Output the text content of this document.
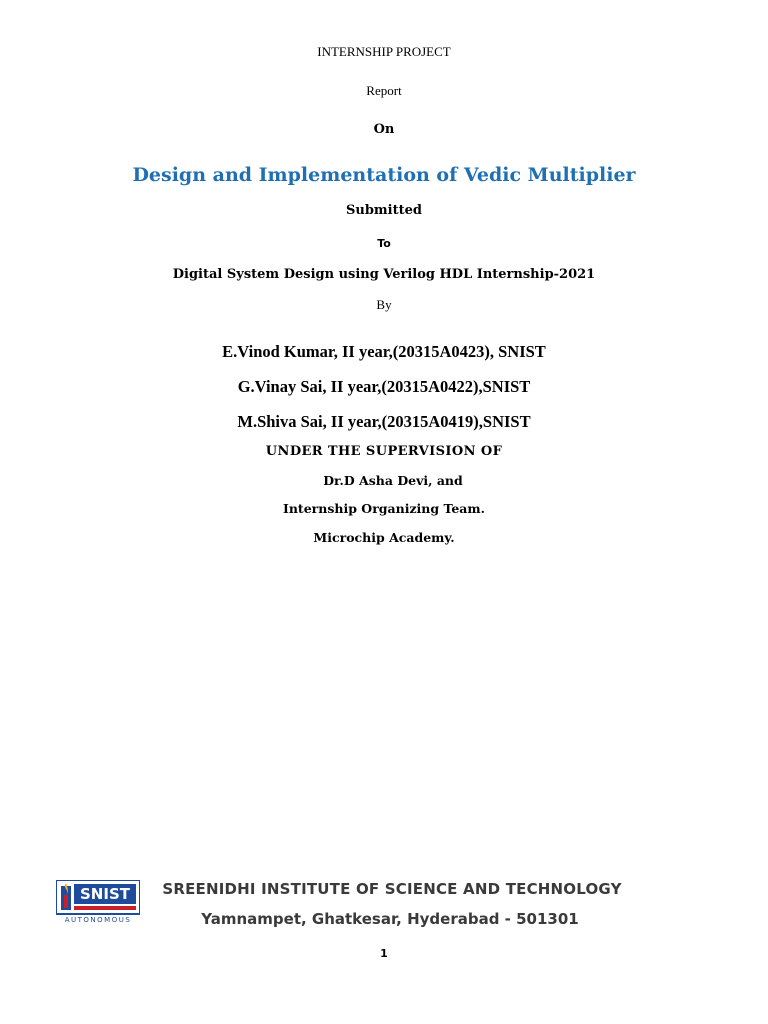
INTERNSHIP PROJECT
Report
On
Design and Implementation of Vedic Multiplier
Submitted
To
Digital System Design using Verilog HDL Internship-2021
By
E.Vinod Kumar, II year,(20315A0423), SNIST
G.Vinay Sai, II year,(20315A0422),SNIST
M.Shiva Sai, II year,(20315A0419),SNIST
UNDER THE SUPERVISION OF
Dr.D Asha Devi, and
Internship Organizing Team.
Microchip Academy.
SNIST
AUTONOMOUS
SREENIDHI INSTITUTE OF SCIENCE AND TECHNOLOGY
Yamnampet, Ghatkesar, Hyderabad - 501301
1
